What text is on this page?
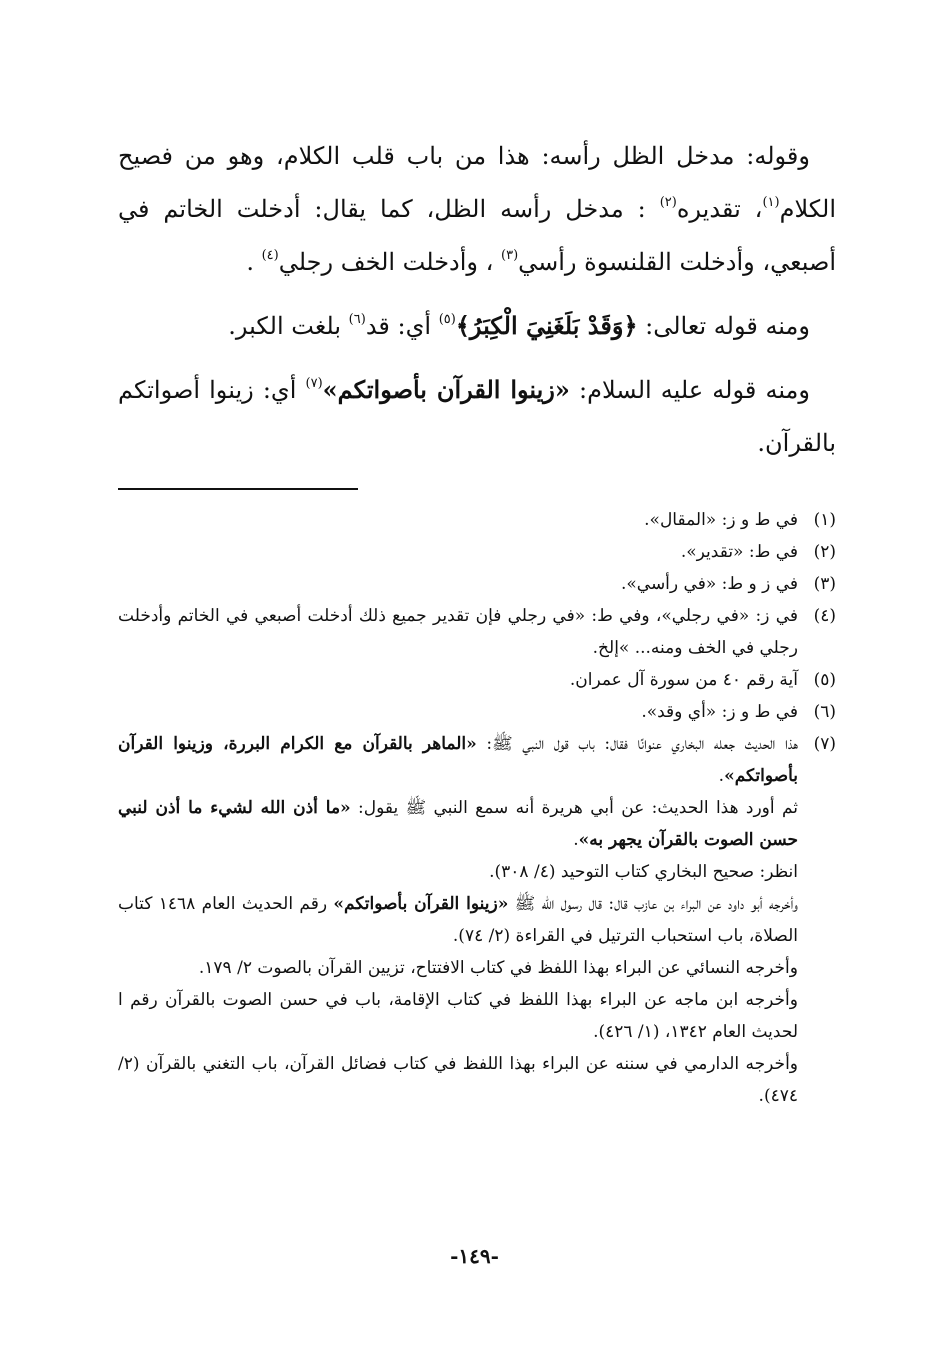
وقوله: مدخل الظل رأسه: هذا من باب قلب الكلام، وهو من فصيح الكلام$^{(١)}$، تقديره$^{(٢)}$ : مدخل رأسه الظل، كما يقال: أدخلت الخاتم في أصبعي، وأدخلت القلنسوة رأسي$^{(٣)}$ ، وأدخلت الخف رجلي$^{(٤)}$ .

ومنه قوله تعالى: ﴿وَقَدْ بَلَغَنِيَ الْكِبَرُ﴾$^{(٥)}$ أي: قد$^{(٦)}$ بلغت الكبر.

ومنه قوله عليه السلام: «زينوا القرآن بأصواتكم»$^{(٧)}$ أي: زينوا أصواتكم بالقرآن.

(١)
في ط و ز: «المقال».
(٢)
في ط: «تقدير».
(٣)
في ز و ط: «في رأسي».
(٤)
في ز: «في رجلي»، وفي ط: «في رجلي فإن تقدير جميع ذلك أدخلت أصبعي في الخاتم وأدخلت رجلي في الخف ومنه... »إلخ.
(٥)
آية رقم ٤٠ من سورة آل عمران.
(٦)
في ط و ز: «أي وقد».
(٧)

هذا الحديث جعله البخاري عنوانًا فقال: باب قول النبي ﷺ: «الماهر بالقرآن مع الكرام البررة، وزينوا القرآن بأصواتكم».

ثم أورد هذا الحديث: عن أبي هريرة أنه سمع النبي ﷺ يقول: «ما أذن الله لشيء ما أذن لنبي حسن الصوت بالقرآن يجهر به».

انظر: صحيح البخاري كتاب التوحيد (٤/ ٣٠٨).

وأخرجه أبو داود عن البراء بن عازب قال: قال رسول الله ﷺ «زينوا القرآن بأصواتكم» رقم الحديث العام ١٤٦٨ كتاب الصلاة، باب استحباب الترتيل في القراءة (٢/ ٧٤).

وأخرجه النسائي عن البراء بهذا اللفظ في كتاب الافتتاح، تزيين القرآن بالصوت ٢/ ١٧٩.

وأخرجه ابن ماجه عن البراء بهذا اللفظ في كتاب الإقامة، باب في حسن الصوت بالقرآن رقم ا لحديث العام ١٣٤٢، (١/ ٤٢٦).

وأخرجه الدارمي في سننه عن البراء بهذا اللفظ في كتاب فضائل القرآن، باب التغني بالقرآن (٢/ ٤٧٤).

-١٤٩-
